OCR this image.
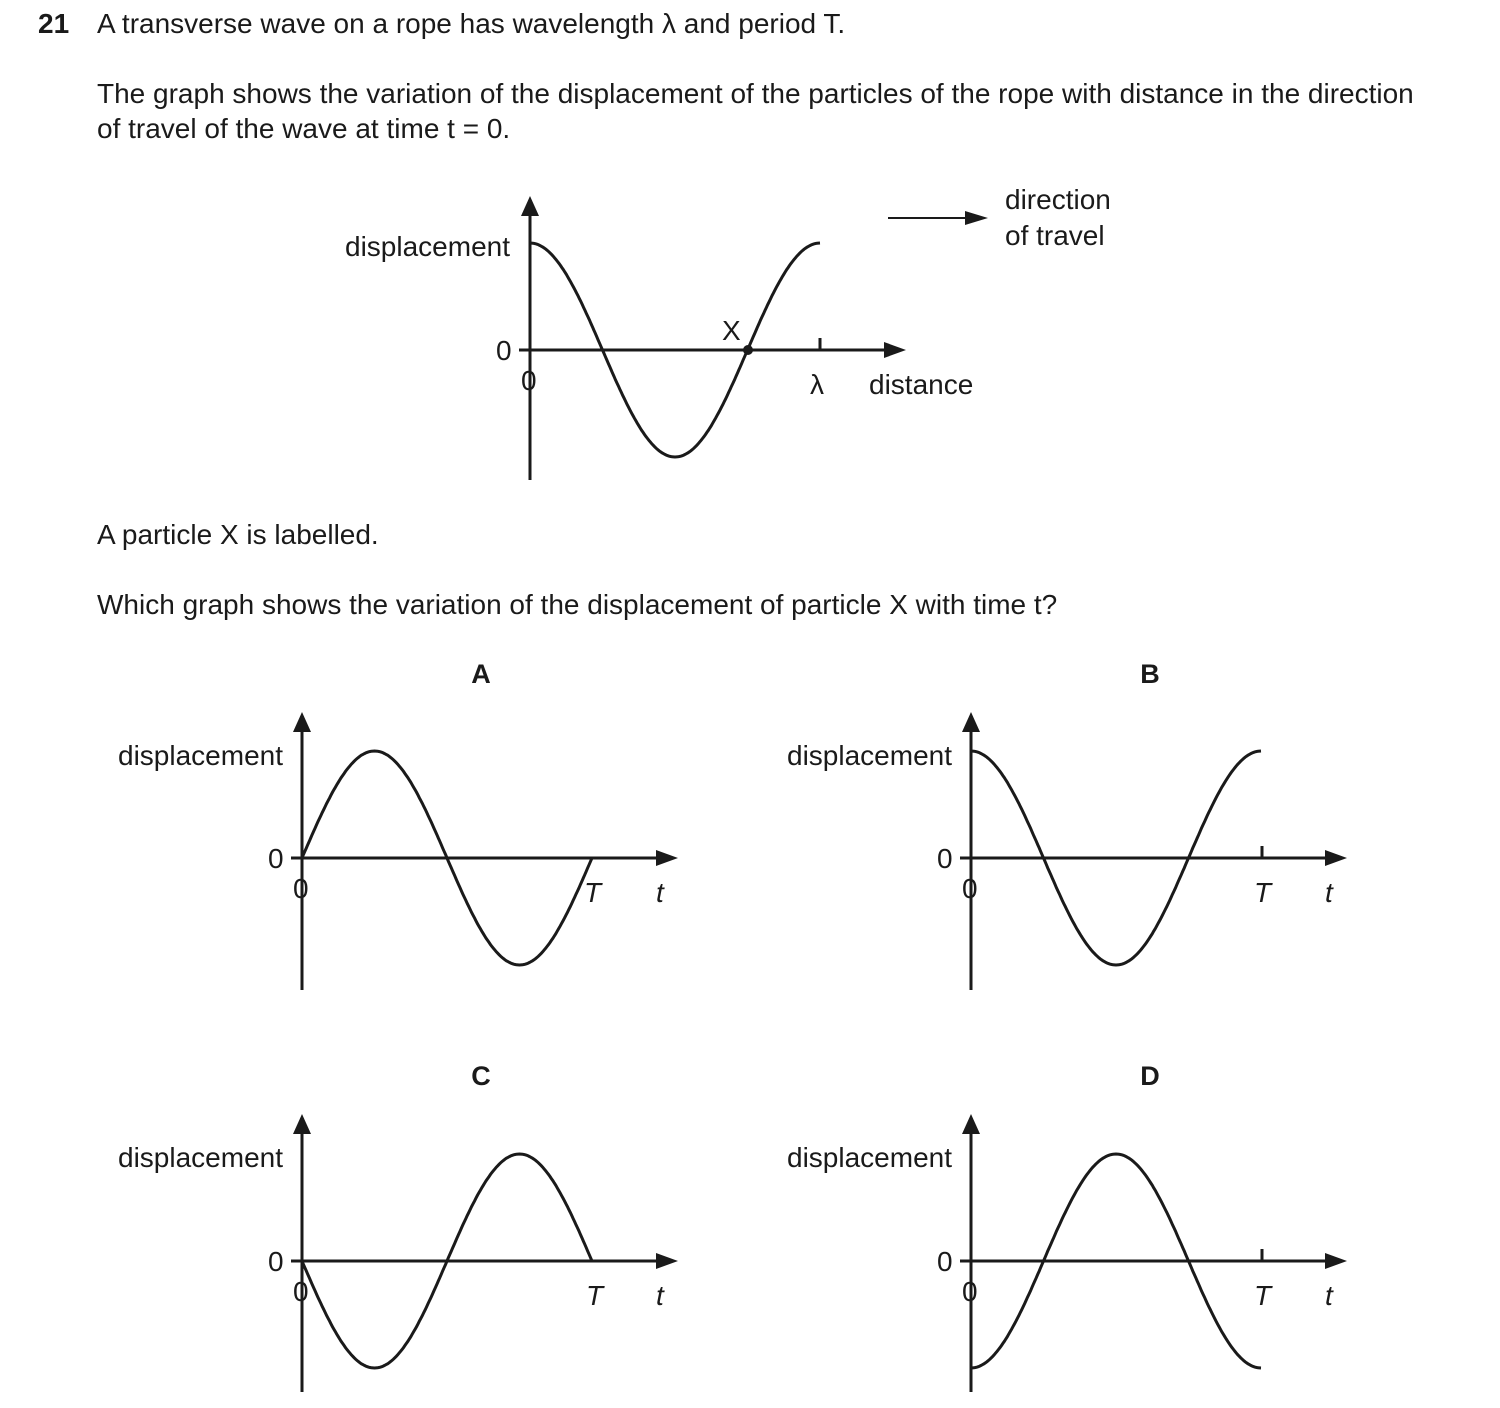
21 A transverse wave on a rope has wavelength λ and period T.
The graph shows the variation of the displacement of the particles of the rope with distance in the direction of travel of the wave at time t = 0.
A particle X is labelled.
Which graph shows the variation of the displacement of particle X with time t?
displacement
0
0	λ distance
X
direction
of travel
A
displacement
0
0	T t
B
displacement
0
0	T t
C
displacement
0
0	T t
D
displacement
0
0	T t
